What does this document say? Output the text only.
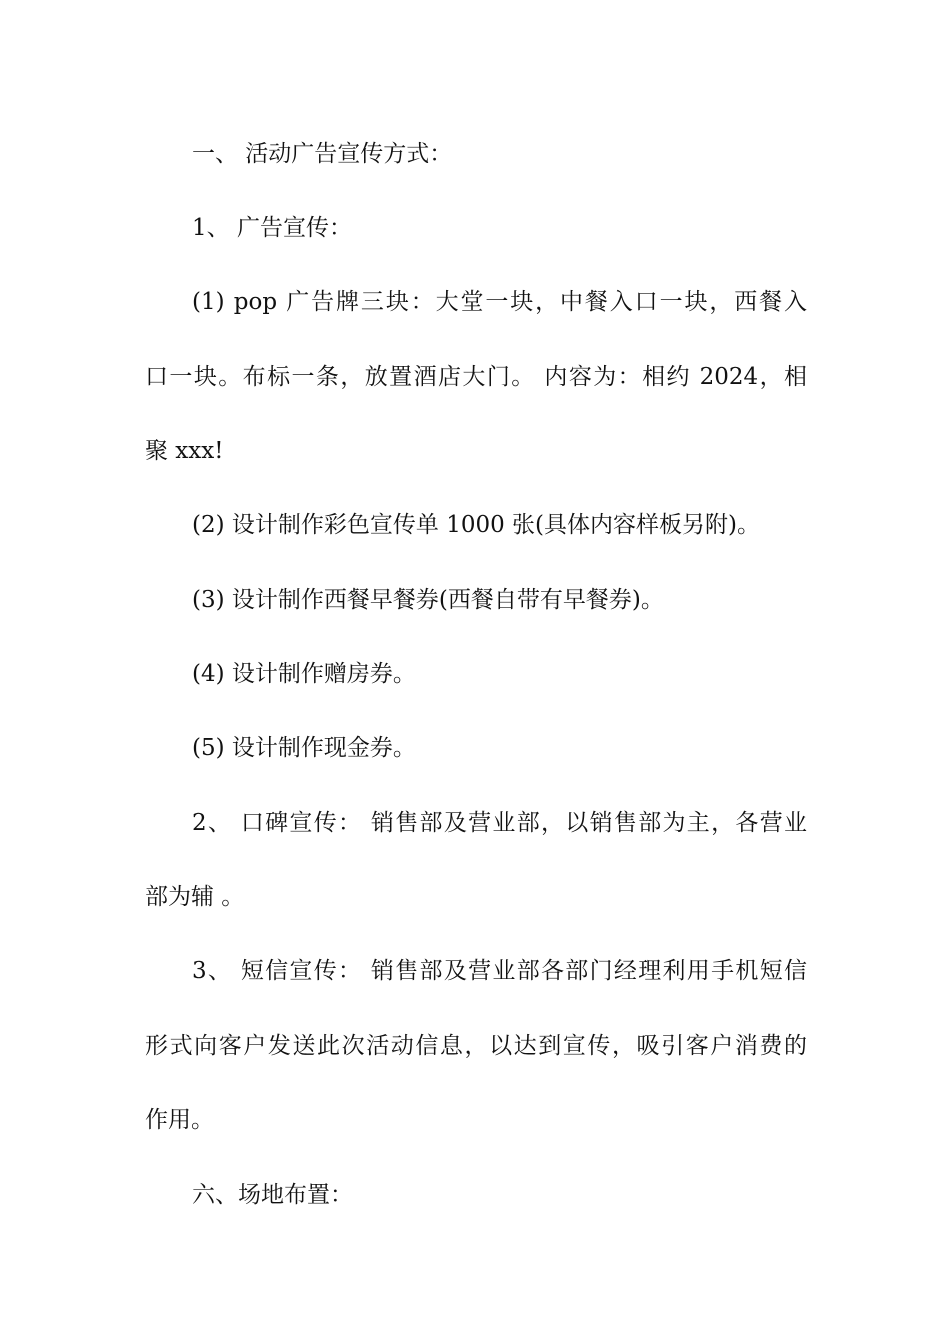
一、 活动广告宣传方式：
1、 广告宣传：
(1) pop 广告牌三块：大堂一块，中餐入口一块，西餐入
口一块。布标一条，放置酒店大门。 内容为：相约 2024，相
聚 xxx!
(2) 设计制作彩色宣传单 1000 张(具体内容样板另附)。
(3) 设计制作西餐早餐券(西餐自带有早餐券)。
(4) 设计制作赠房券。
(5) 设计制作现金券。
2、 口碑宣传： 销售部及营业部，以销售部为主，各营业
部为辅 。
3、 短信宣传： 销售部及营业部各部门经理利用手机短信
形式向客户发送此次活动信息，以达到宣传，吸引客户消费的
作用。
六、场地布置：
